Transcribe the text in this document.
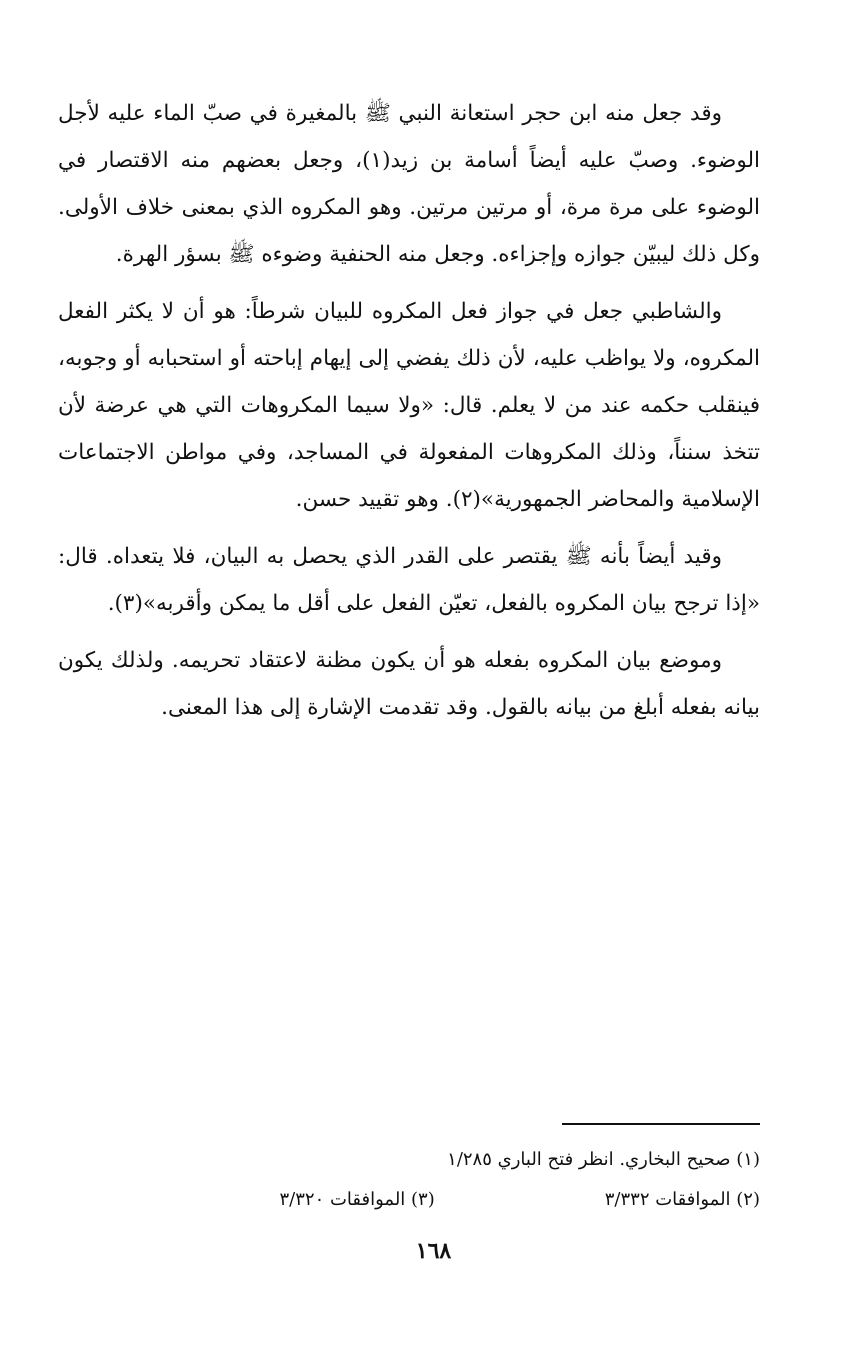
وقد جعل منه ابن حجر استعانة النبي ﷺ بالمغيرة في صبّ الماء عليه لأجل الوضوء. وصبّ عليه أيضاً أسامة بن زيد(١)، وجعل بعضهم منه الاقتصار في الوضوء على مرة مرة، أو مرتين مرتين. وهو المكروه الذي بمعنى خلاف الأولى. وكل ذلك ليبيّن جوازه وإجزاءه. وجعل منه الحنفية وضوءه ﷺ بسؤر الهرة.

والشاطبي جعل في جواز فعل المكروه للبيان شرطاً: هو أن لا يكثر الفعل المكروه، ولا يواظب عليه، لأن ذلك يفضي إلى إيهام إباحته أو استحبابه أو وجوبه، فينقلب حكمه عند من لا يعلم. قال: «ولا سيما المكروهات التي هي عرضة لأن تتخذ سنناً، وذلك المكروهات المفعولة في المساجد، وفي مواطن الاجتماعات الإسلامية والمحاضر الجمهورية»(٢). وهو تقييد حسن.

وقيد أيضاً بأنه ﷺ يقتصر على القدر الذي يحصل به البيان، فلا يتعداه. قال: «إذا ترجح بيان المكروه بالفعل، تعيّن الفعل على أقل ما يمكن وأقربه»(٣).

وموضع بيان المكروه بفعله هو أن يكون مظنة لاعتقاد تحريمه. ولذلك يكون بيانه بفعله أبلغ من بيانه بالقول. وقد تقدمت الإشارة إلى هذا المعنى.

(١) صحيح البخاري. انظر فتح الباري ١/٢٨٥
(٢) الموافقات ٣/٣٣٢
(٣) الموافقات ٣/٣٢٠
١٦٨
